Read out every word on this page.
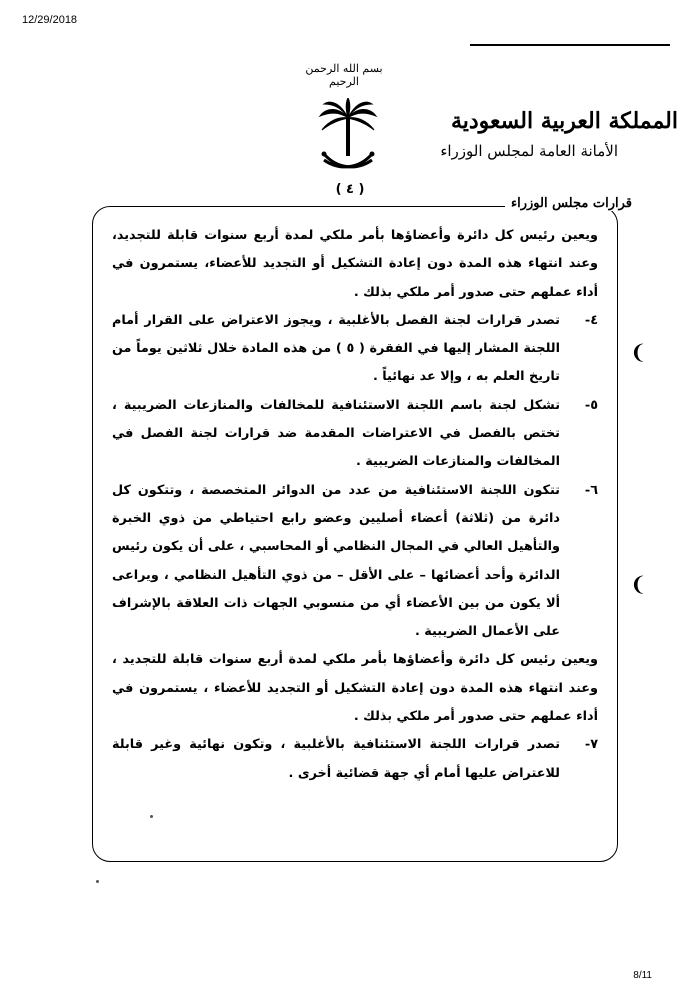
12/29/2018
بسم الله الرحمن الرحيم
المملكة العربية السعودية
الأمانة العامة لمجلس الوزراء
( ٤ )
قرارات مجلس الوزراء

ويعين رئيس كل دائرة وأعضاؤها بأمر ملكي لمدة أربع سنوات قابلة للتجديد، وعند انتهاء هذه المدة دون إعادة التشكيل أو التجديد للأعضاء، يستمرون في أداء عملهم حتى صدور أمر ملكي بذلك .

٤-
تصدر قرارات لجنة الفصل بالأغلبية ، ويجوز الاعتراض على القرار أمام اللجنة المشار إليها في الفقرة ( ٥ ) من هذه المادة خلال ثلاثين يوماً من تاريخ العلم به ، وإلا عد نهائياً .
٥-
تشكل لجنة باسم اللجنة الاستئنافية للمخالفات والمنازعات الضريبية ، تختص بالفصل في الاعتراضات المقدمة ضد قرارات لجنة الفصل في المخالفات والمنازعات الضريبية .
٦-
تتكون اللجنة الاستئنافية من عدد من الدوائر المتخصصة ، وتتكون كل دائرة من (ثلاثة) أعضاء أصليين وعضو رابع احتياطي من ذوي الخبرة والتأهيل العالي في المجال النظامي أو المحاسبي ، على أن يكون رئيس الدائرة وأحد أعضائها – على الأقل – من ذوي التأهيل النظامي ، ويراعى ألا يكون من بين الأعضاء أي من منسوبي الجهات ذات العلاقة بالإشراف على الأعمال الضريبية .

ويعين رئيس كل دائرة وأعضاؤها بأمر ملكي لمدة أربع سنوات قابلة للتجديد ، وعند انتهاء هذه المدة دون إعادة التشكيل أو التجديد للأعضاء ، يستمرون في أداء عملهم حتى صدور أمر ملكي بذلك .

٧-
تصدر قرارات اللجنة الاستئنافية بالأغلبية ، وتكون نهائية وغير قابلة للاعتراض عليها أمام أي جهة قضائية أخرى .
❨
❨
8/11
